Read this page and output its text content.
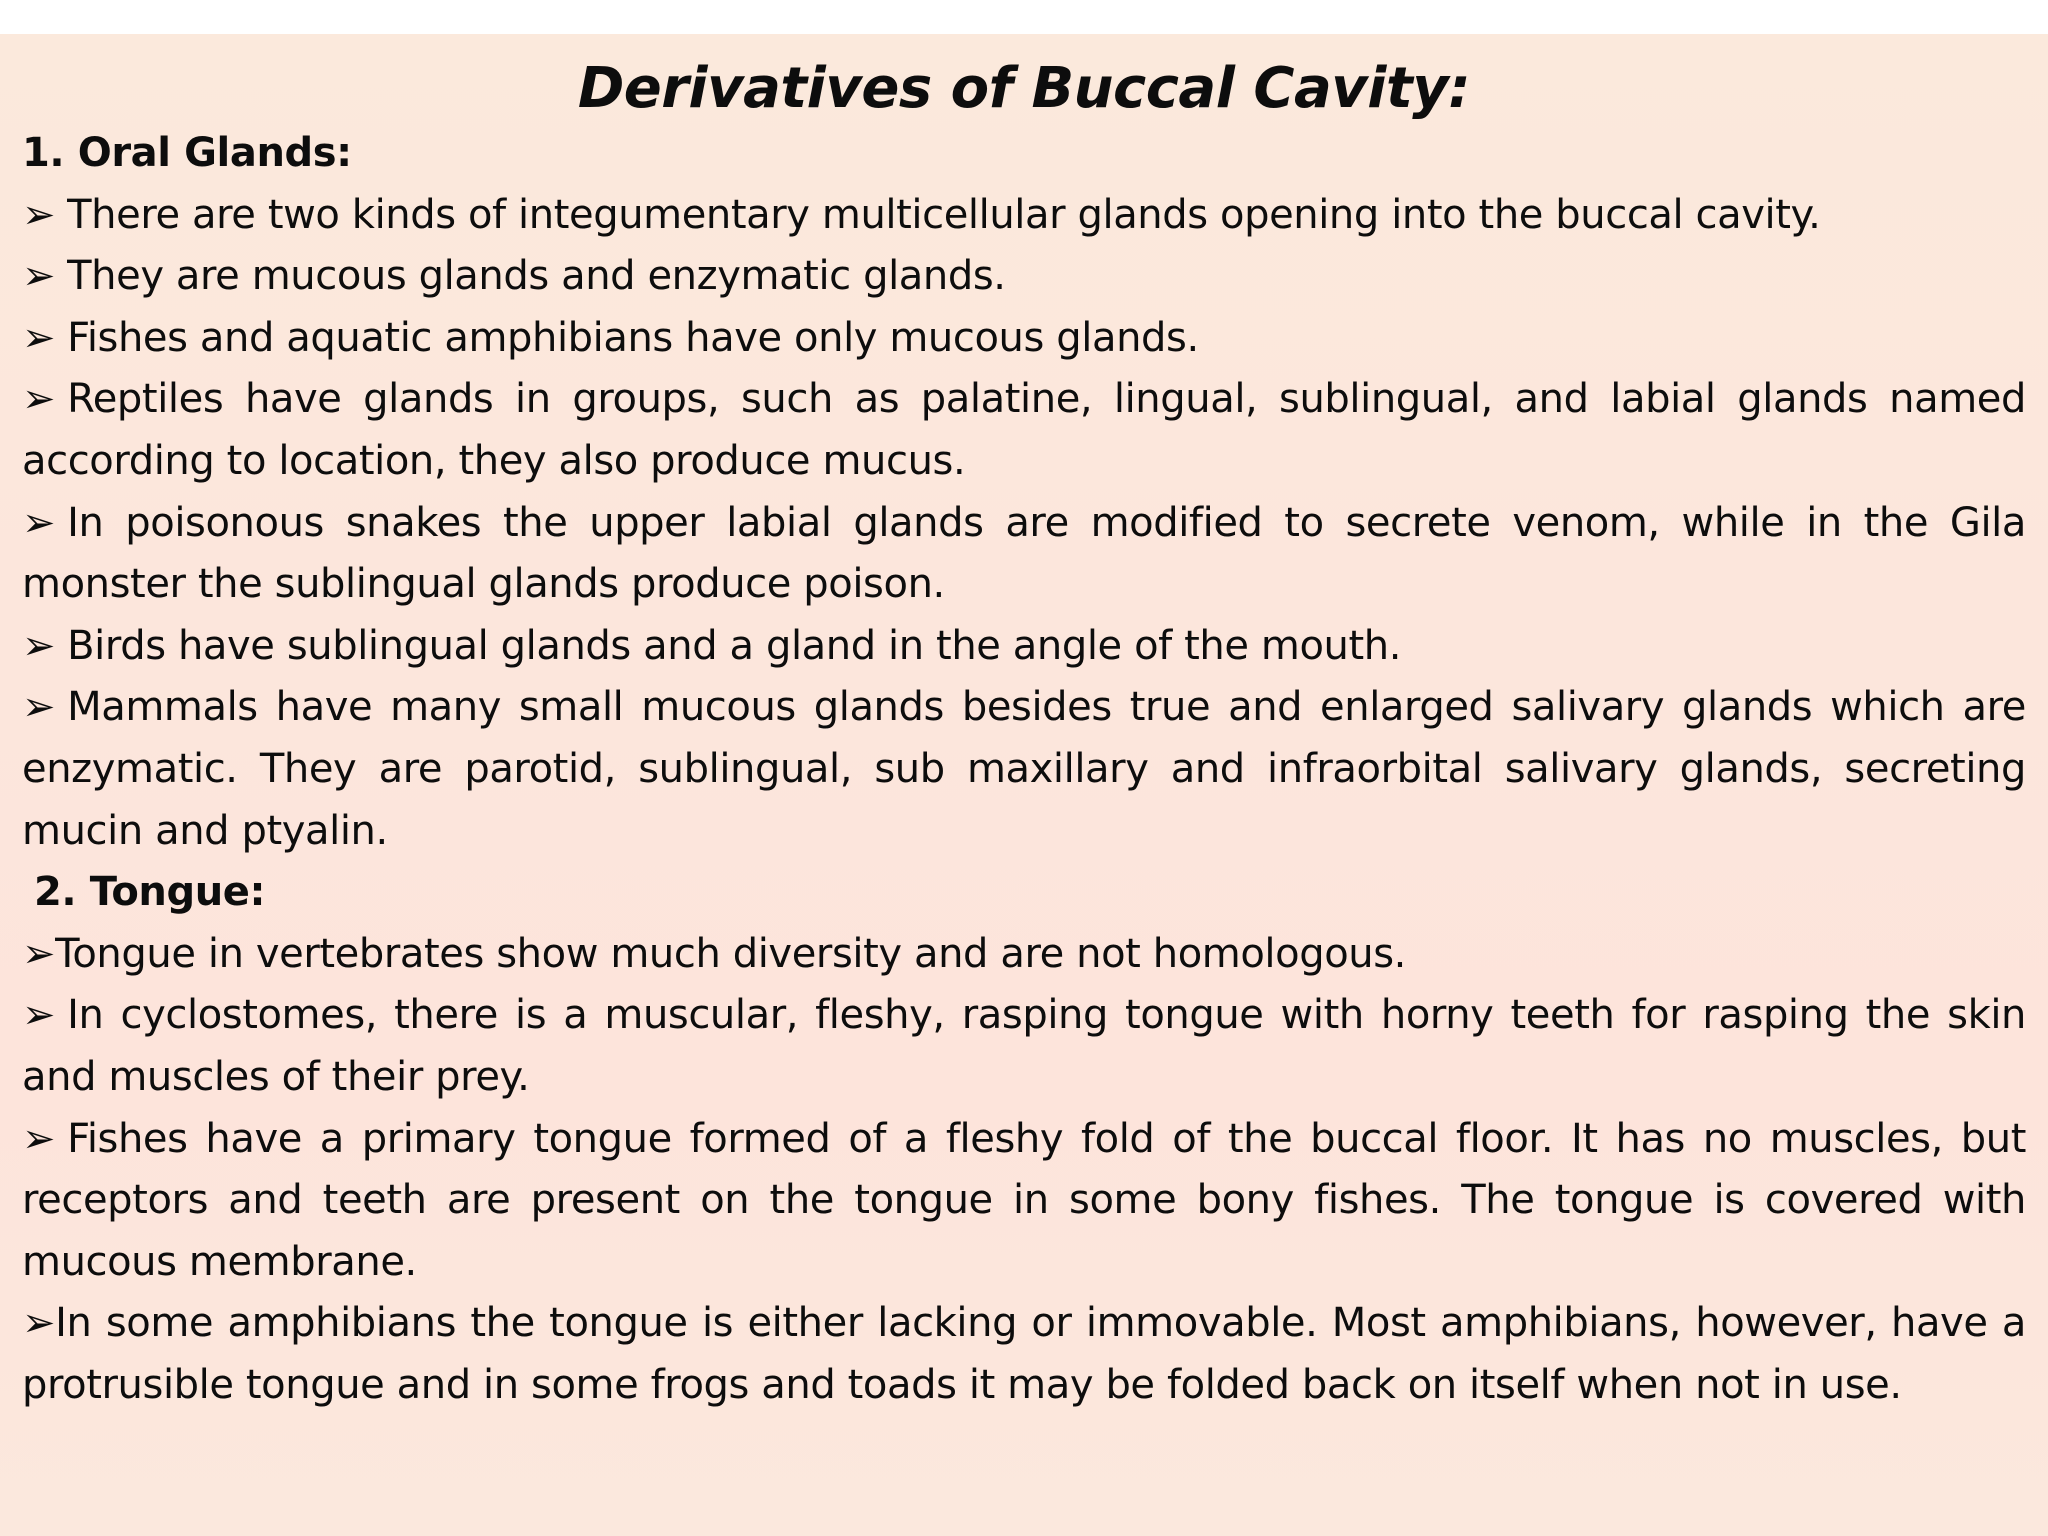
Derivatives of Buccal Cavity:
1. Oral Glands:
➢ There are two kinds of integumentary multicellular glands opening into the buccal cavity.
➢ They are mucous glands and enzymatic glands.
➢ Fishes and aquatic amphibians have only mucous glands.
➢ Reptiles have glands in groups, such as palatine, lingual, sublingual, and labial glands named according to location, they also produce mucus.
➢ In poisonous snakes the upper labial glands are modified to secrete venom, while in the Gila monster the sublingual glands produce poison.
➢ Birds have sublingual glands and a gland in the angle of the mouth.
➢ Mammals have many small mucous glands besides true and enlarged salivary glands which are enzymatic. They are parotid, sublingual, sub maxillary and infraorbital salivary glands, secreting mucin and ptyalin.
2. Tongue:
➢Tongue in vertebrates show much diversity and are not homologous.
➢ In cyclostomes, there is a muscular, fleshy, rasping tongue with horny teeth for rasping the skin and muscles of their prey.
➢ Fishes have a primary tongue formed of a fleshy fold of the buccal floor. It has no muscles, but receptors and teeth are present on the tongue in some bony fishes. The tongue is covered with mucous membrane.
➢In some amphibians the tongue is either lacking or immovable. Most amphibians, however, have a protrusible tongue and in some frogs and toads it may be folded back on itself when not in use.
